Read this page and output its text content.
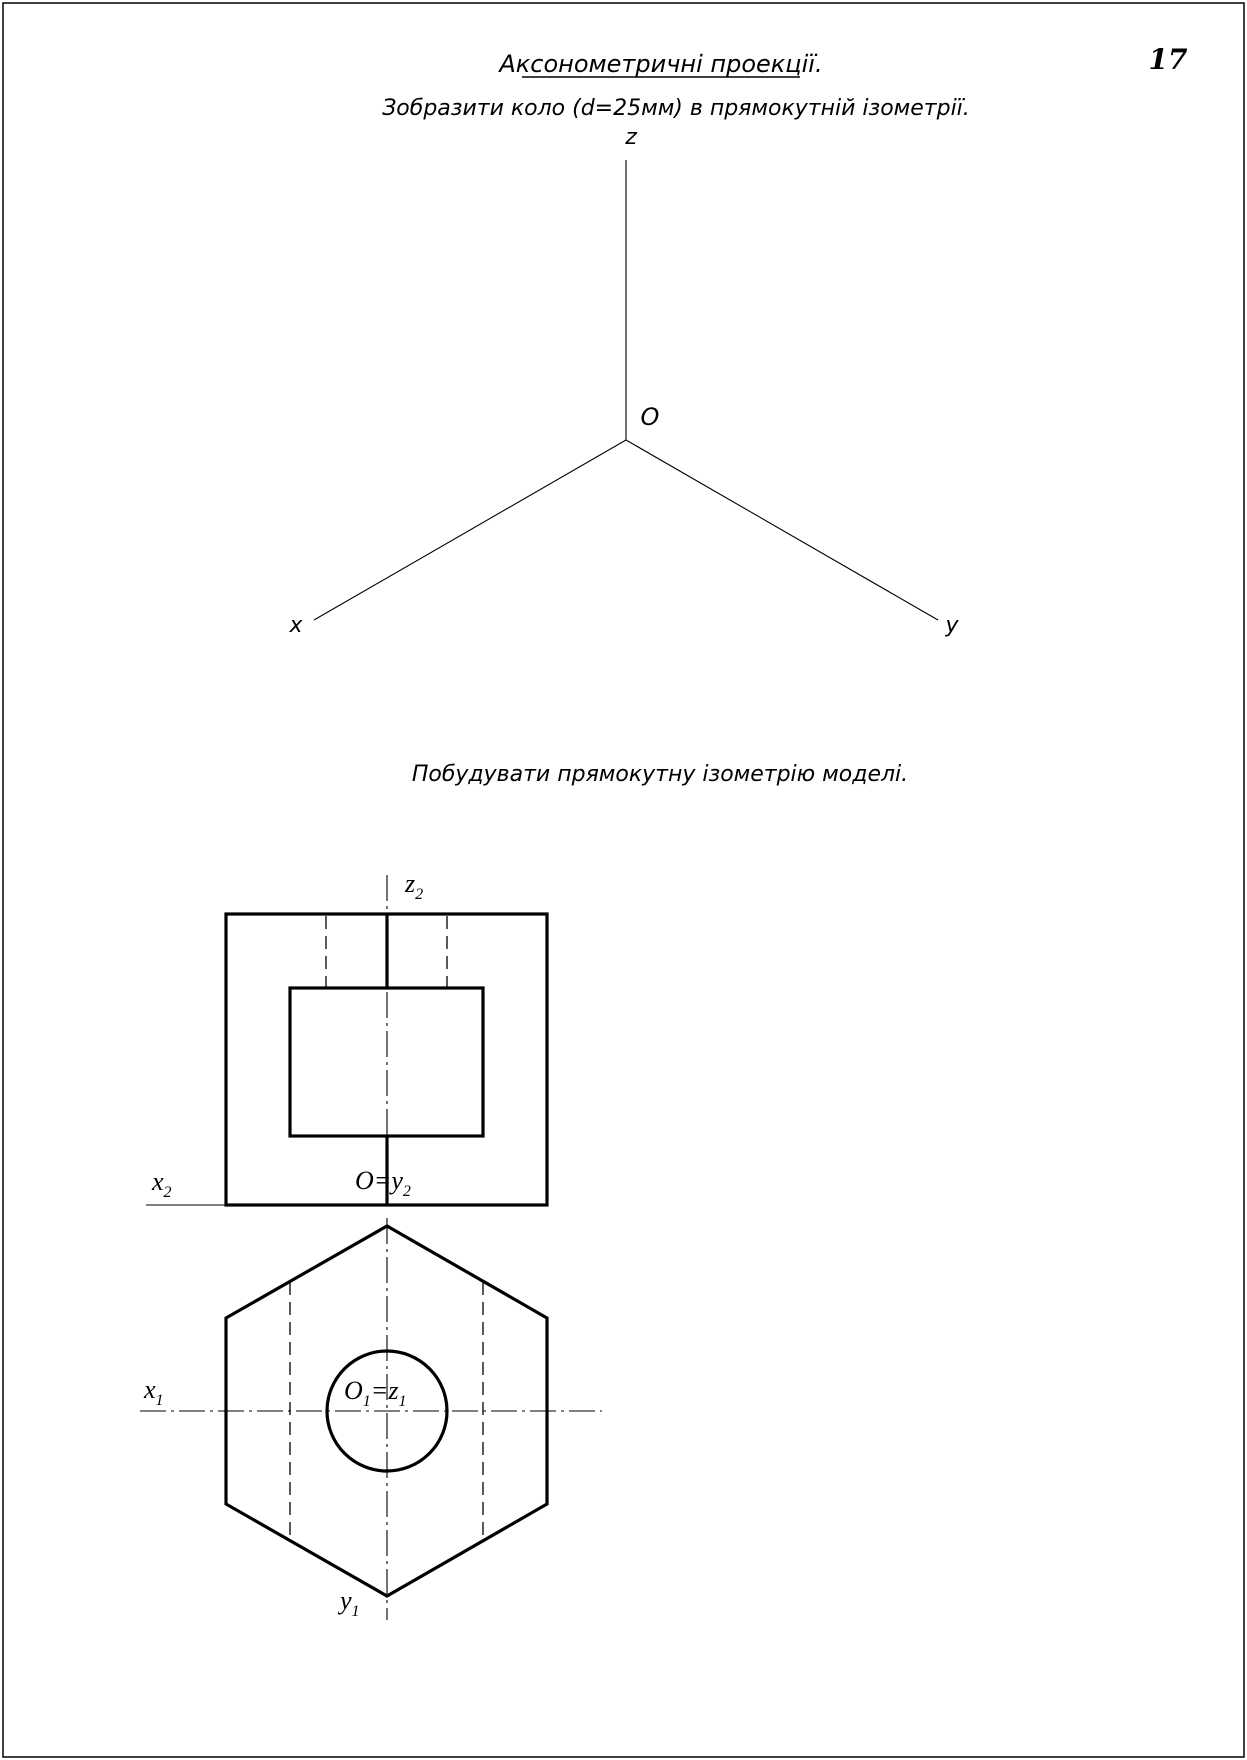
17
Аксонометричні проекції.
Зобразити коло (d=25мм) в прямокутній ізометрії.
z
O
x	y
Побудувати прямокутну ізометрію моделі.
$z_2$
$x_2$	$O=y_2$
$x_1$	$O_1=z_1$
$y_1$
